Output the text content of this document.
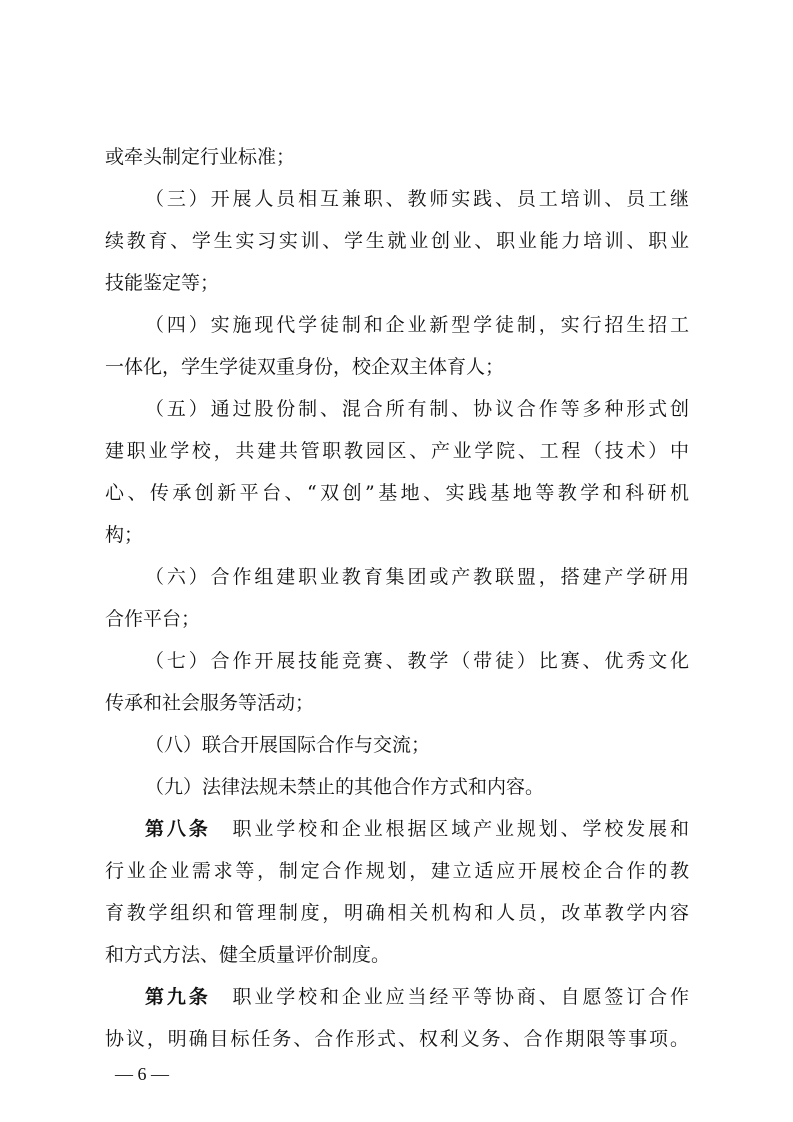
或牵头制定行业标准；
（三）开展人员相互兼职、教师实践、员工培训、员工继
续教育、学生实习实训、学生就业创业、职业能力培训、职业
技能鉴定等；
（四）实施现代学徒制和企业新型学徒制，实行招生招工
一体化，学生学徒双重身份，校企双主体育人；
（五）通过股份制、混合所有制、协议合作等多种形式创
建职业学校，共建共管职教园区、产业学院、工程（技术）中
心、传承创新平台、“双创”基地、实践基地等教学和科研机
构；
（六）合作组建职业教育集团或产教联盟，搭建产学研用
合作平台；
（七）合作开展技能竞赛、教学（带徒）比赛、优秀文化
传承和社会服务等活动；
（八）联合开展国际合作与交流；
（九）法律法规未禁止的其他合作方式和内容。
第八条 职业学校和企业根据区域产业规划、学校发展和
行业企业需求等，制定合作规划，建立适应开展校企合作的教
育教学组织和管理制度，明确相关机构和人员，改革教学内容
和方式方法、健全质量评价制度。
第九条 职业学校和企业应当经平等协商、自愿签订合作
协议，明确目标任务、合作形式、权利义务、合作期限等事项。
— 6 —
